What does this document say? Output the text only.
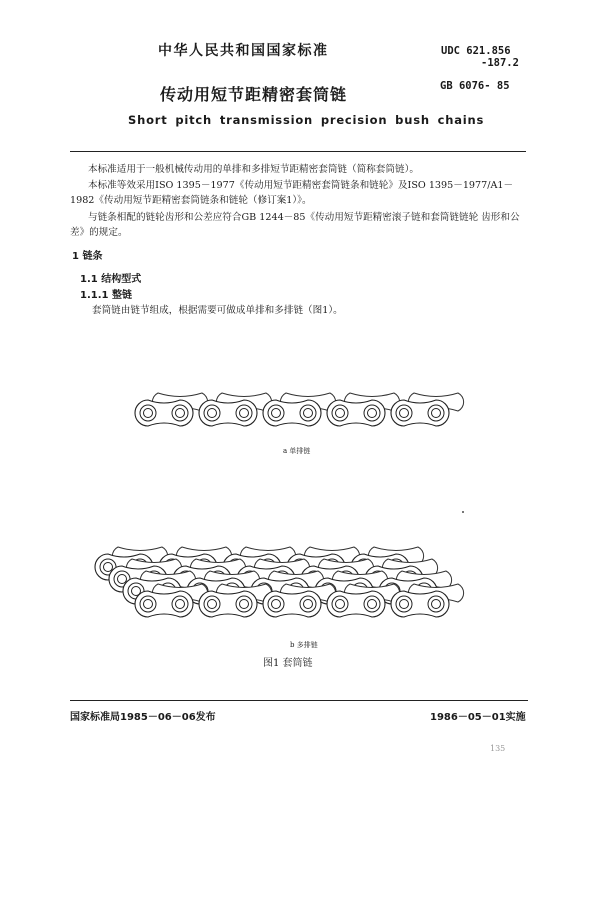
中华人民共和国国家标准	UDC 621.856
-187.2
传动用短节距精密套筒链	GB 6076- 85
Short pitch transmission precision bush chains
本标准适用于一般机械传动用的单排和多排短节距精密套筒链（简称套筒链）。
本标准等效采用ISO 1395－1977《传动用短节距精密套筒链条和链轮》及ISO 1395－1977/A1－1982《传动用短节距精密套筒链条和链轮（修订案1）》。
与链条相配的链轮齿形和公差应符合GB 1244－85《传动用短节距精密滚子链和套筒链链轮 齿形和公差》的规定。
1 链条
1.1 结构型式
1.1.1 整链
套筒链由链节组成，根据需要可做成单排和多排链（图1）。
a 单排链
b 多排链
图1 套筒链
国家标准局1985－06－06发布	1986－05－01实施
135
